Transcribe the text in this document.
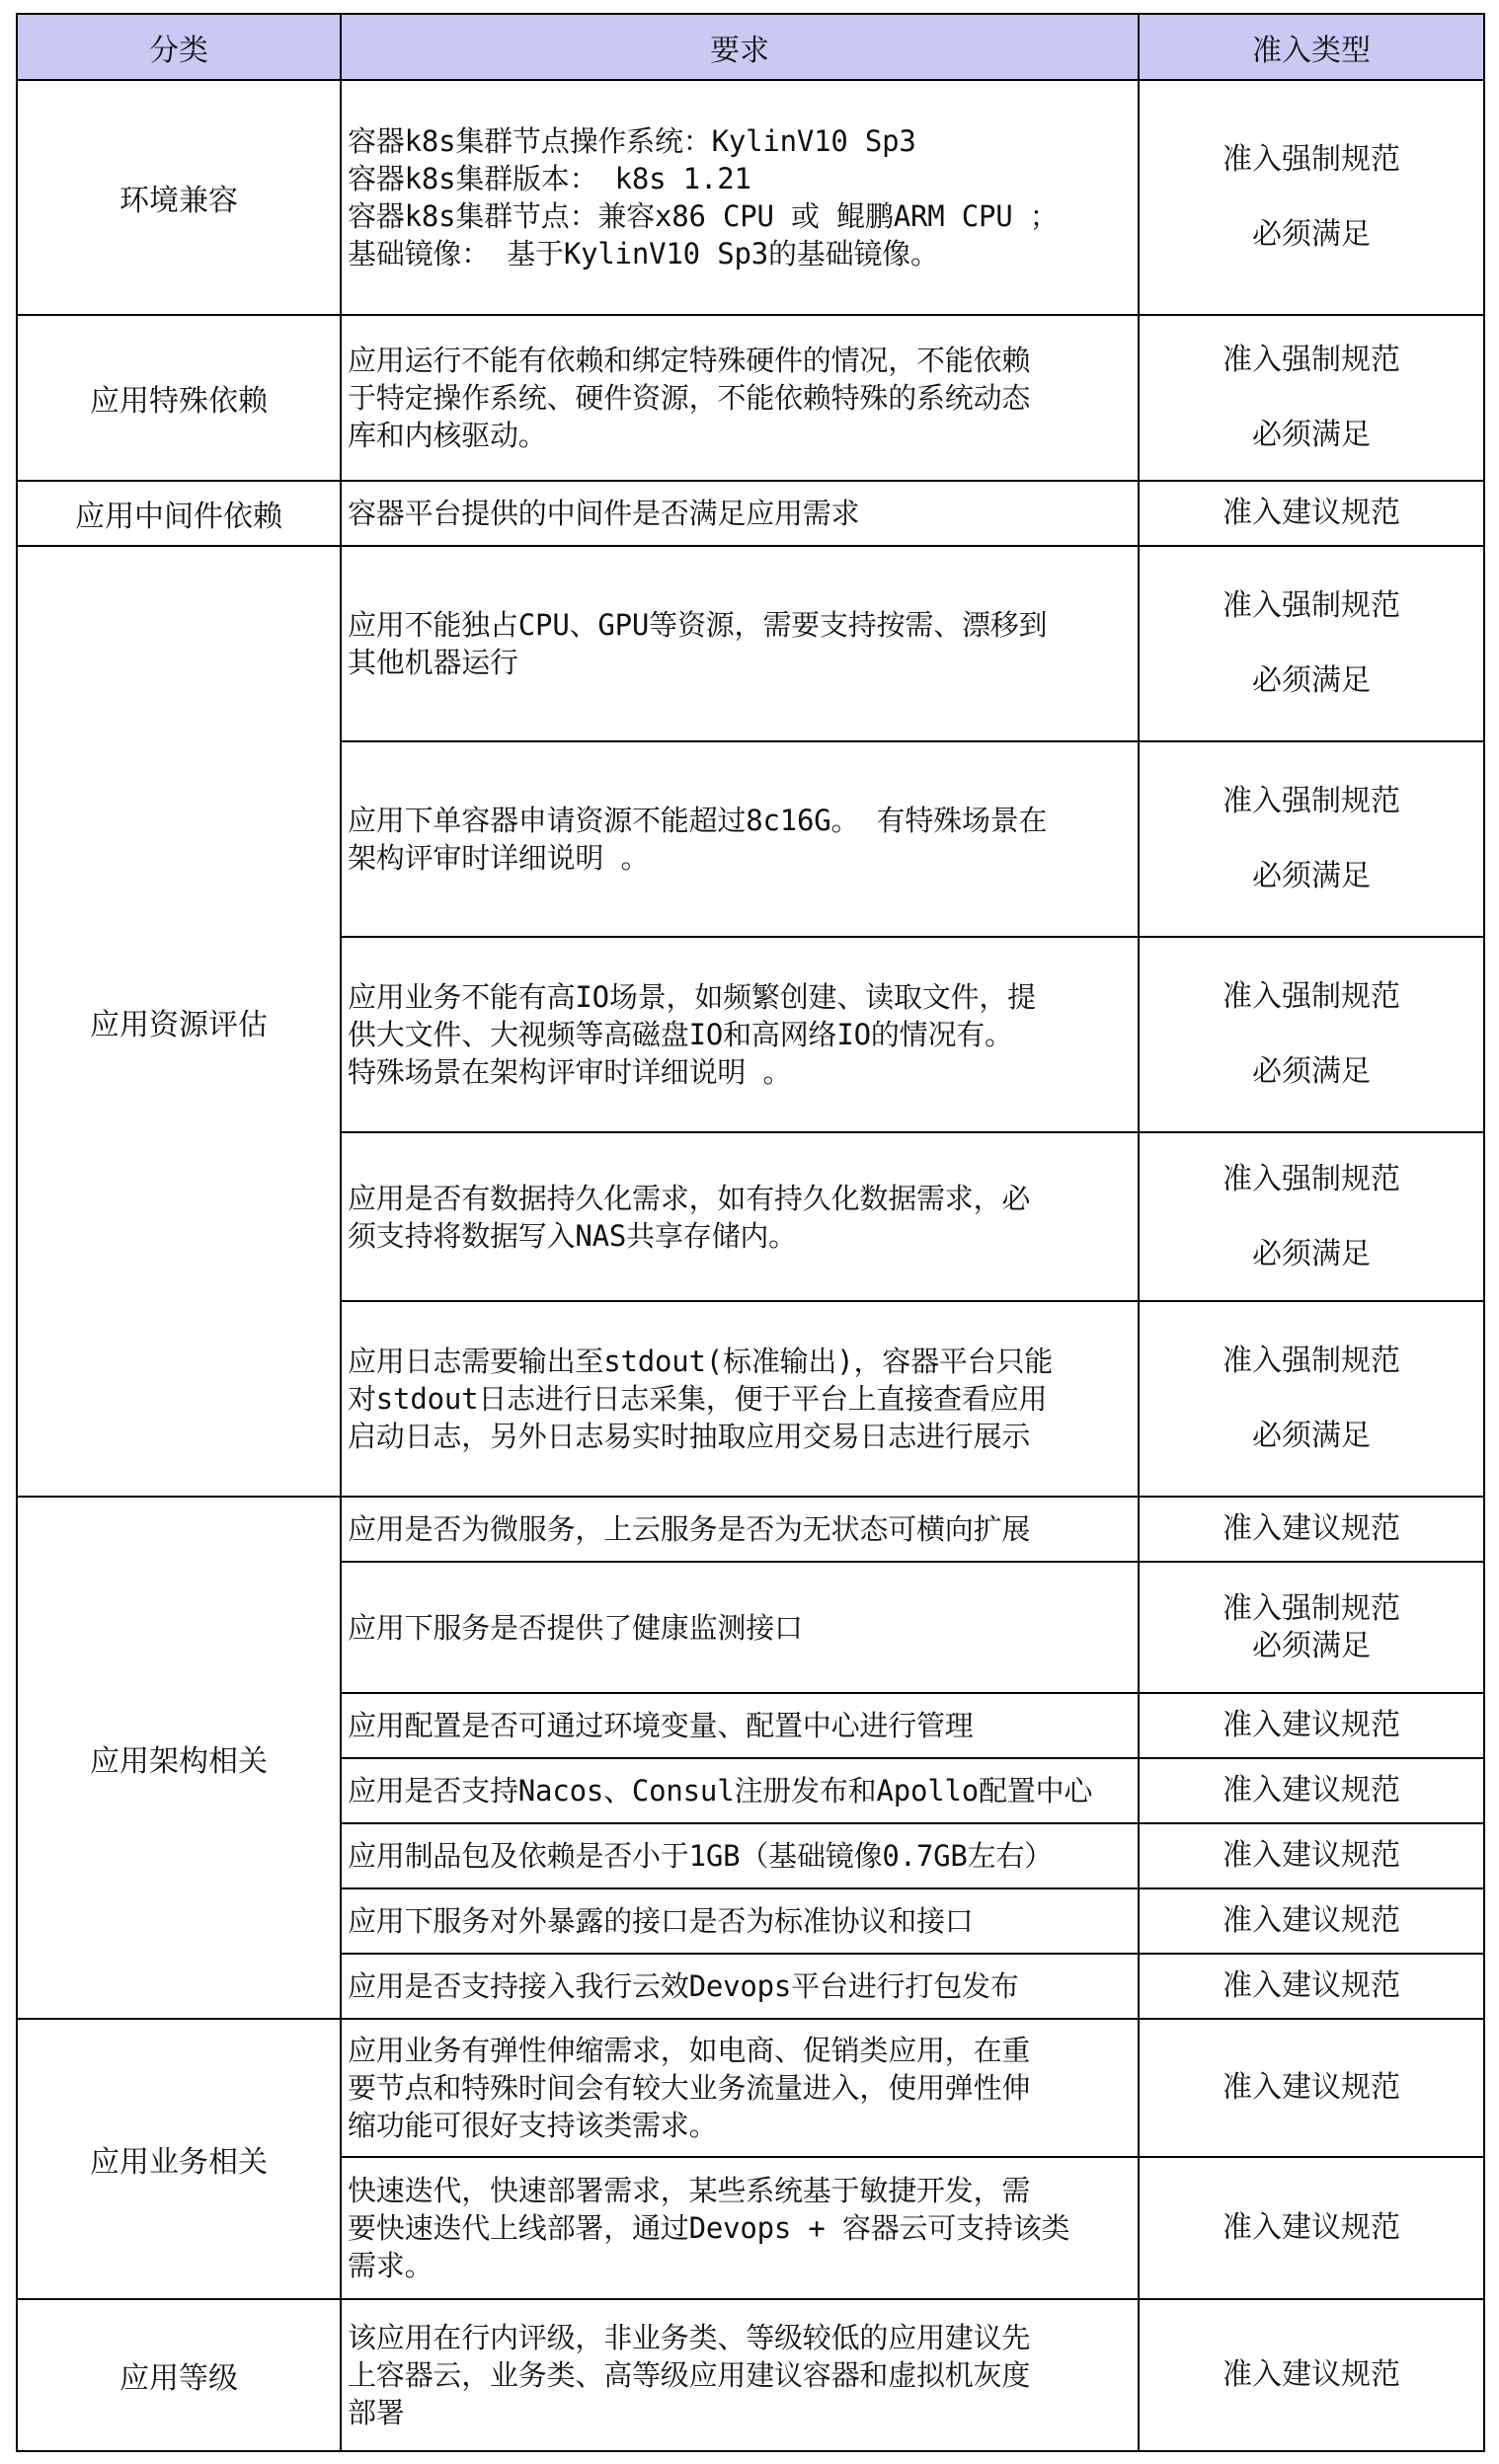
分类	要求	准入类型
环境兼容	容器k8s集群节点操作系统：KylinV10 Sp3
容器k8s集群版本： k8s 1.21
容器k8s集群节点：兼容x86 CPU 或 鲲鹏ARM CPU ；
基础镜像： 基于KylinV10 Sp3的基础镜像。	准入强制规范
必须满足

应用特殊依赖	应用运行不能有依赖和绑定特殊硬件的情况，不能依赖
于特定操作系统、硬件资源，不能依赖特殊的系统动态
库和内核驱动。	准入强制规范
必须满足

应用中间件依赖	容器平台提供的中间件是否满足应用需求	准入建议规范
应用资源评估	应用不能独占CPU、GPU等资源，需要支持按需、漂移到
其他机器运行	准入强制规范
必须满足

	应用下单容器申请资源不能超过8c16G。 有特殊场景在
架构评审时详细说明 。	准入强制规范
必须满足

	应用业务不能有高IO场景，如频繁创建、读取文件，提
供大文件、大视频等高磁盘IO和高网络IO的情况有。
特殊场景在架构评审时详细说明 。	准入强制规范
必须满足

	应用是否有数据持久化需求，如有持久化数据需求，必
须支持将数据写入NAS共享存储内。	准入强制规范
必须满足

	应用日志需要输出至stdout(标准输出)，容器平台只能
对stdout日志进行日志采集，便于平台上直接查看应用
启动日志，另外日志易实时抽取应用交易日志进行展示	准入强制规范
必须满足

应用架构相关	应用是否为微服务，上云服务是否为无状态可横向扩展	准入建议规范

	应用下服务是否提供了健康监测接口	准入强制规范
必须满足

	应用配置是否可通过环境变量、配置中心进行管理	准入建议规范

	应用是否支持Nacos、Consul注册发布和Apollo配置中心	准入建议规范

	应用制品包及依赖是否小于1GB（基础镜像0.7GB左右）	准入建议规范

	应用下服务对外暴露的接口是否为标准协议和接口	准入建议规范

	应用是否支持接入我行云效Devops平台进行打包发布	准入建议规范
应用业务相关	应用业务有弹性伸缩需求，如电商、促销类应用，在重
要节点和特殊时间会有较大业务流量进入，使用弹性伸
缩功能可很好支持该类需求。	准入建议规范

	快速迭代，快速部署需求，某些系统基于敏捷开发，需
要快速迭代上线部署，通过Devops + 容器云可支持该类
需求。	准入建议规范
应用等级	该应用在行内评级，非业务类、等级较低的应用建议先
上容器云，业务类、高等级应用建议容器和虚拟机灰度
部署	准入建议规范
